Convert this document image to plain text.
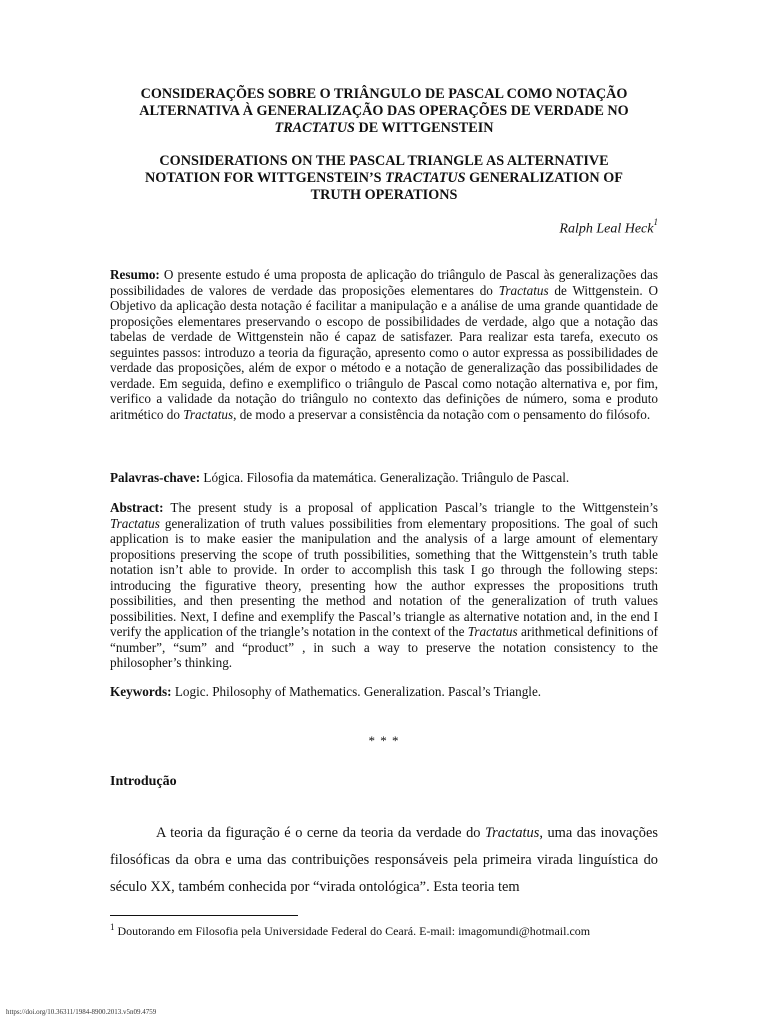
CONSIDERAÇÕES SOBRE O TRIÂNGULO DE PASCAL COMO NOTAÇÃO
ALTERNATIVA À GENERALIZAÇÃO DAS OPERAÇÕES DE VERDADE NO
TRACTATUS DE WITTGENSTEIN
CONSIDERATIONS ON THE PASCAL TRIANGLE AS ALTERNATIVE
NOTATION FOR WITTGENSTEIN’S TRACTATUS GENERALIZATION OF
TRUTH OPERATIONS
Ralph Leal Heck$^1$

Resumo: O presente estudo é uma proposta de aplicação do triângulo de Pascal às generalizações das possibilidades de valores de verdade das proposições elementares do Tractatus de Wittgenstein. O Objetivo da aplicação desta notação é facilitar a manipulação e a análise de uma grande quantidade de proposições elementares preservando o escopo de possibilidades de verdade, algo que a notação das tabelas de verdade de Wittgenstein não é capaz de satisfazer. Para realizar esta tarefa, executo os seguintes passos: introduzo a teoria da figuração, apresento como o autor expressa as possibilidades de verdade das proposições, além de expor o método e a notação de generalização das possibilidades de verdade. Em seguida, defino e exemplifico o triângulo de Pascal como notação alternativa e, por fim, verifico a validade da notação do triângulo no contexto das definições de número, soma e produto aritmético do Tractatus, de modo a preservar a consistência da notação com o pensamento do filósofo.

Palavras-chave: Lógica. Filosofia da matemática. Generalização. Triângulo de Pascal.

Abstract: The present study is a proposal of application Pascal’s triangle to the Wittgenstein’s Tractatus generalization of truth values possibilities from elementary propositions. The goal of such application is to make easier the manipulation and the analysis of a large amount of elementary propositions preserving the scope of truth possibilities, something that the Wittgenstein’s truth table notation isn’t able to provide. In order to accomplish this task I go through the following steps: introducing the figurative theory, presenting how the author expresses the propositions truth possibilities, and then presenting the method and notation of the generalization of truth values possibilities. Next, I define and exemplify the Pascal’s triangle as alternative notation and, in the end I verify the application of the triangle’s notation in the context of the Tractatus arithmetical definitions of “number”, “sum” and “product” , in such a way to preserve the notation consistency to the philosopher’s thinking.

Keywords: Logic. Philosophy of Mathematics. Generalization. Pascal’s Triangle.

* * *
Introdução

A teoria da figuração é o cerne da teoria da verdade do Tractatus, uma das inovações filosóficas da obra e uma das contribuições responsáveis pela primeira virada linguística do século XX, também conhecida por “virada ontológica”. Esta teoria tem

$^1$ Doutorando em Filosofia pela Universidade Federal do Ceará. E-mail: imagomundi@hotmail.com
https://doi.org/10.36311/1984-8900.2013.v5n09.4759
